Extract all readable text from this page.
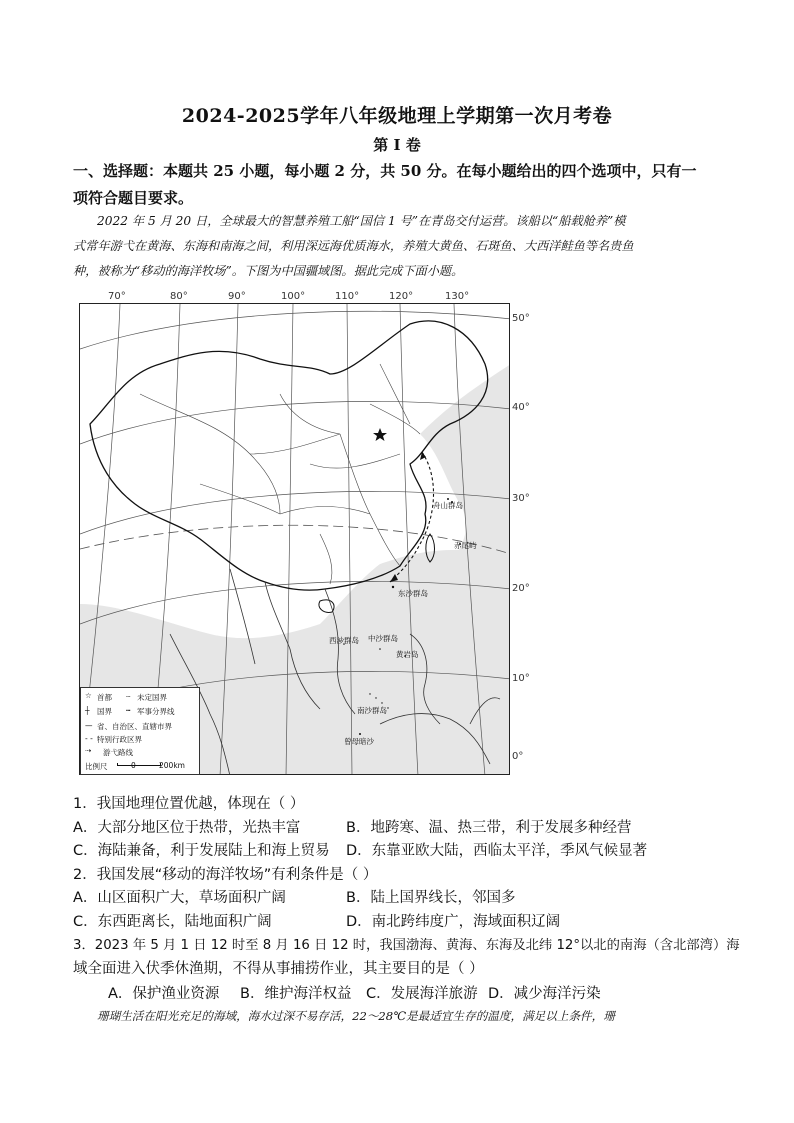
2024-2025学年八年级地理上学期第一次月考卷
第 I 卷
一、选择题：本题共 25 小题，每小题 2 分，共 50 分。在每小题给出的四个选项中，只有一
项符合题目要求。
2022 年 5 月 20 日，全球最大的智慧养殖工船“国信 1 号”在青岛交付运营。该船以“船载舱养”模
式常年游弋在黄海、东海和南海之间，利用深远海优质海水，养殖大黄鱼、石斑鱼、大西洋鲑鱼等名贵鱼
种，被称为“移动的海洋牧场”。下图为中国疆域图。据此完成下面小题。
70°	80°	90°	100°	110°	120°	130°
50°
40°
30°
20°
10°
0°
舟山群岛
赤尾屿
东沙群岛
西沙群岛 中沙群岛
黄岩岛
南沙群岛
曾母暗沙
☆ 首都 ┄ 未定国界
┼ 国界 ┅ 军事分界线
— 省、自治区、直辖市界
- - 特别行政区界
⇢ 游弋路线
比例尺	0	200km
1．我国地理位置优越，体现在（ ）
A．大部分地区位于热带，光热丰富	B．地跨寒、温、热三带，利于发展多种经营
C．海陆兼备，利于发展陆上和海上贸易 D．东靠亚欧大陆，西临太平洋，季风气候显著
2．我国发展“移动的海洋牧场”有利条件是（ ）
A．山区面积广大，草场面积广阔	B．陆上国界线长，邻国多
C．东西距离长，陆地面积广阔	D．南北跨纬度广，海域面积辽阔
3．2023 年 5 月 1 日 12 时至 8 月 16 日 12 时，我国渤海、黄海、东海及北纬 12°以北的南海（含北部湾）海
域全面进入伏季休渔期，不得从事捕捞作业，其主要目的是（ ）
A．保护渔业资源 B．维护海洋权益 C．发展海洋旅游 D．减少海洋污染
珊瑚生活在阳光充足的海域，海水过深不易存活，22～28℃是最适宜生存的温度，满足以上条件，珊
